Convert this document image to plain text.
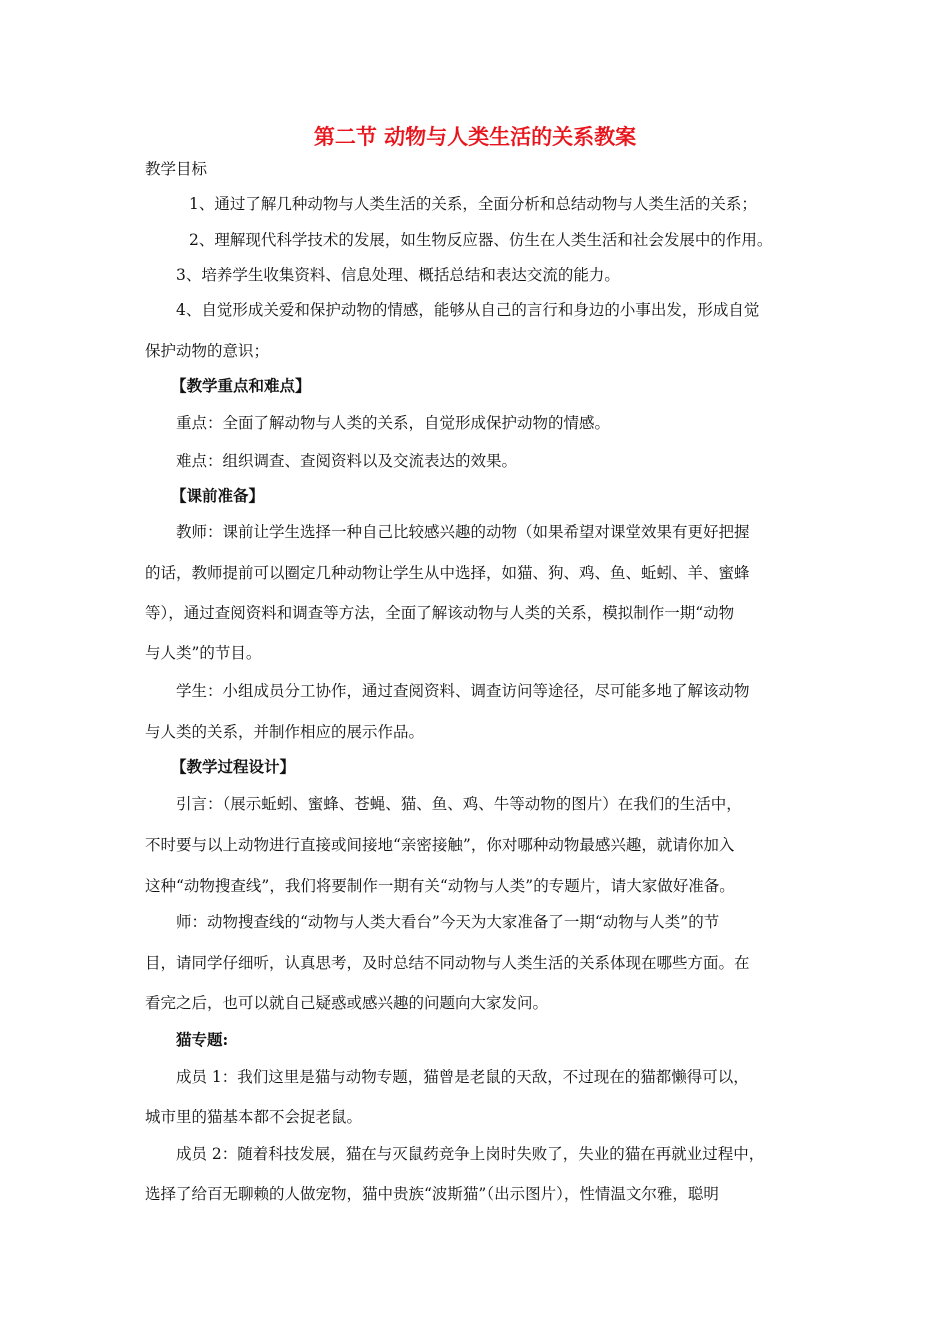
第二节 动物与人类生活的关系教案
教学目标
1、通过了解几种动物与人类生活的关系，全面分析和总结动物与人类生活的关系；
2、理解现代科学技术的发展，如生物反应器、仿生在人类生活和社会发展中的作用。
3、培养学生收集资料、信息处理、概括总结和表达交流的能力。
4、自觉形成关爱和保护动物的情感，能够从自己的言行和身边的小事出发，形成自觉
保护动物的意识；
【教学重点和难点】
重点：全面了解动物与人类的关系，自觉形成保护动物的情感。
难点：组织调查、查阅资料以及交流表达的效果。
【课前准备】
教师：课前让学生选择一种自己比较感兴趣的动物（如果希望对课堂效果有更好把握
的话，教师提前可以圈定几种动物让学生从中选择，如猫、狗、鸡、鱼、蚯蚓、羊、蜜蜂
等），通过查阅资料和调查等方法，全面了解该动物与人类的关系，模拟制作一期“动物
与人类”的节目。
学生：小组成员分工协作，通过查阅资料、调查访问等途径，尽可能多地了解该动物
与人类的关系，并制作相应的展示作品。
【教学过程设计】
引言：（展示蚯蚓、蜜蜂、苍蝇、猫、鱼、鸡、牛等动物的图片）在我们的生活中，
不时要与以上动物进行直接或间接地“亲密接触”，你对哪种动物最感兴趣，就请你加入
这种“动物搜查线”，我们将要制作一期有关“动物与人类”的专题片，请大家做好准备。
师：动物搜查线的“动物与人类大看台”今天为大家准备了一期“动物与人类”的节
目，请同学仔细听，认真思考，及时总结不同动物与人类生活的关系体现在哪些方面。在
看完之后，也可以就自己疑惑或感兴趣的问题向大家发问。
猫专题:
成员 1：我们这里是猫与动物专题，猫曾是老鼠的天敌，不过现在的猫都懒得可以，
城市里的猫基本都不会捉老鼠。
成员 2：随着科技发展，猫在与灭鼠药竞争上岗时失败了，失业的猫在再就业过程中，
选择了给百无聊赖的人做宠物，猫中贵族“波斯猫”（出示图片），性情温文尔雅，聪明
